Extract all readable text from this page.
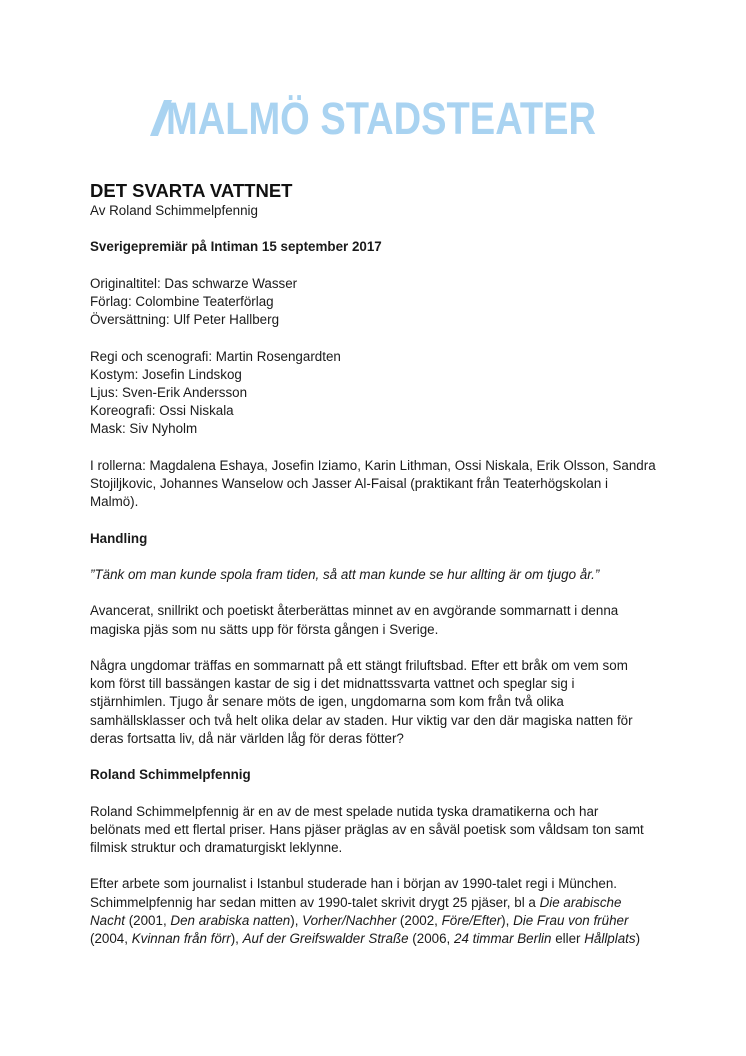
MALMÖ STADSTEATER
DET SVARTA VATTNET

Av Roland Schimmelpfennig

Sverigepremiär på Intiman 15 september 2017

Originaltitel: Das schwarze Wasser
Förlag: Colombine Teaterförlag
Översättning: Ulf Peter Hallberg
Regi och scenografi: Martin Rosengardten
Kostym: Josefin Lindskog
Ljus: Sven-Erik Andersson
Koreografi: Ossi Niskala
Mask: Siv Nyholm
I rollerna: Magdalena Eshaya, Josefin Iziamo, Karin Lithman, Ossi Niskala, Erik Olsson, Sandra
Stojiljkovic, Johannes Wanselow och Jasser Al-Faisal (praktikant från Teaterhögskolan i
Malmö).

Handling

”Tänk om man kunde spola fram tiden, så att man kunde se hur allting är om tjugo år.”

Avancerat, snillrikt och poetiskt återberättas minnet av en avgörande sommarnatt i denna
magiska pjäs som nu sätts upp för första gången i Sverige.
Några ungdomar träffas en sommarnatt på ett stängt friluftsbad. Efter ett bråk om vem som
kom först till bassängen kastar de sig i det midnattssvarta vattnet och speglar sig i
stjärnhimlen. Tjugo år senare möts de igen, ungdomarna som kom från två olika
samhällsklasser och två helt olika delar av staden. Hur viktig var den där magiska natten för
deras fortsatta liv, då när världen låg för deras fötter?

Roland Schimmelpfennig

Roland Schimmelpfennig är en av de mest spelade nutida tyska dramatikerna och har
belönats med ett flertal priser. Hans pjäser präglas av en såväl poetisk som våldsam ton samt
filmisk struktur och dramaturgiskt leklynne.
Efter arbete som journalist i Istanbul studerade han i början av 1990-talet regi i München.
Schimmelpfennig har sedan mitten av 1990-talet skrivit drygt 25 pjäser, bl a Die arabische
Nacht (2001, Den arabiska natten), Vorher/Nachher (2002, Före/Efter), Die Frau von früher
(2004, Kvinnan från förr), Auf der Greifswalder Straße (2006, 24 timmar Berlin eller Hållplats)
